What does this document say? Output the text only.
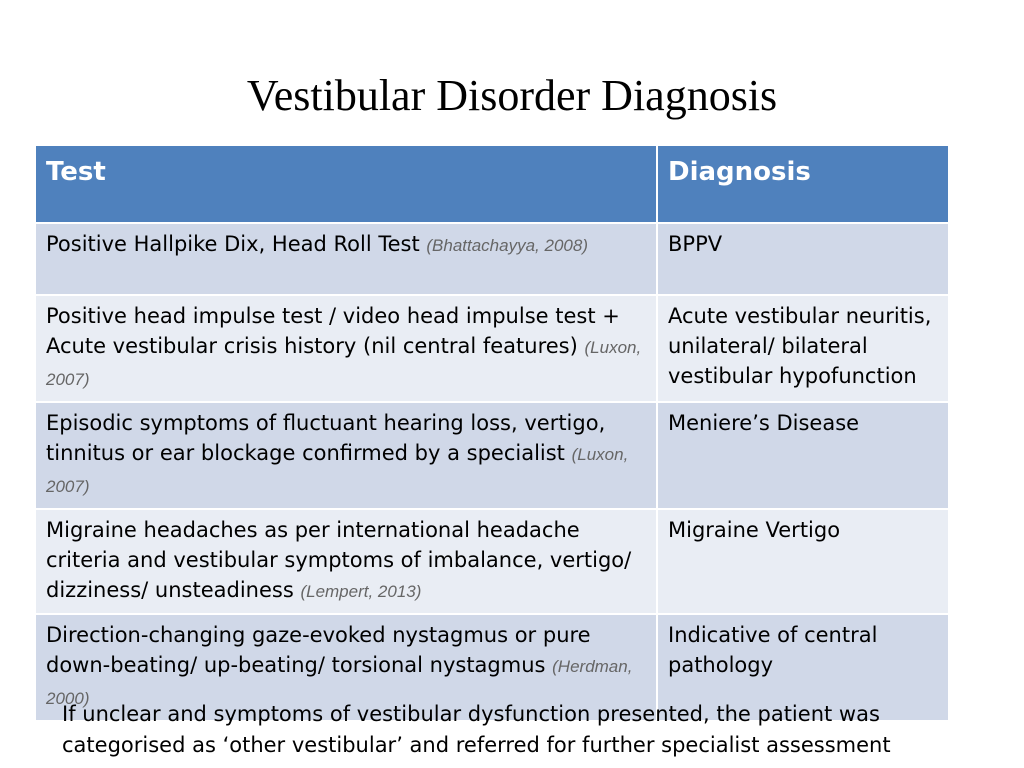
Vestibular Disorder Diagnosis
Test	Diagnosis
Positive Hallpike Dix, Head Roll Test (Bhattachayya, 2008)	BPPV
Positive head impulse test / video head impulse test + Acute vestibular crisis history (nil central features) (Luxon, 2007)	Acute vestibular neuritis, unilateral/ bilateral vestibular hypofunction
Episodic symptoms of fluctuant hearing loss, vertigo, tinnitus or ear blockage confirmed by a specialist (Luxon, 2007)	Meniere’s Disease
Migraine headaches as per international headache criteria and vestibular symptoms of imbalance, vertigo/ dizziness/ unsteadiness (Lempert, 2013)	Migraine Vertigo
Direction-changing gaze-evoked nystagmus or pure down-beating/ up-beating/ torsional nystagmus (Herdman, 2000)	Indicative of central pathology
If unclear and symptoms of vestibular dysfunction presented, the patient was
categorised as ‘other vestibular’ and referred for further specialist assessment
